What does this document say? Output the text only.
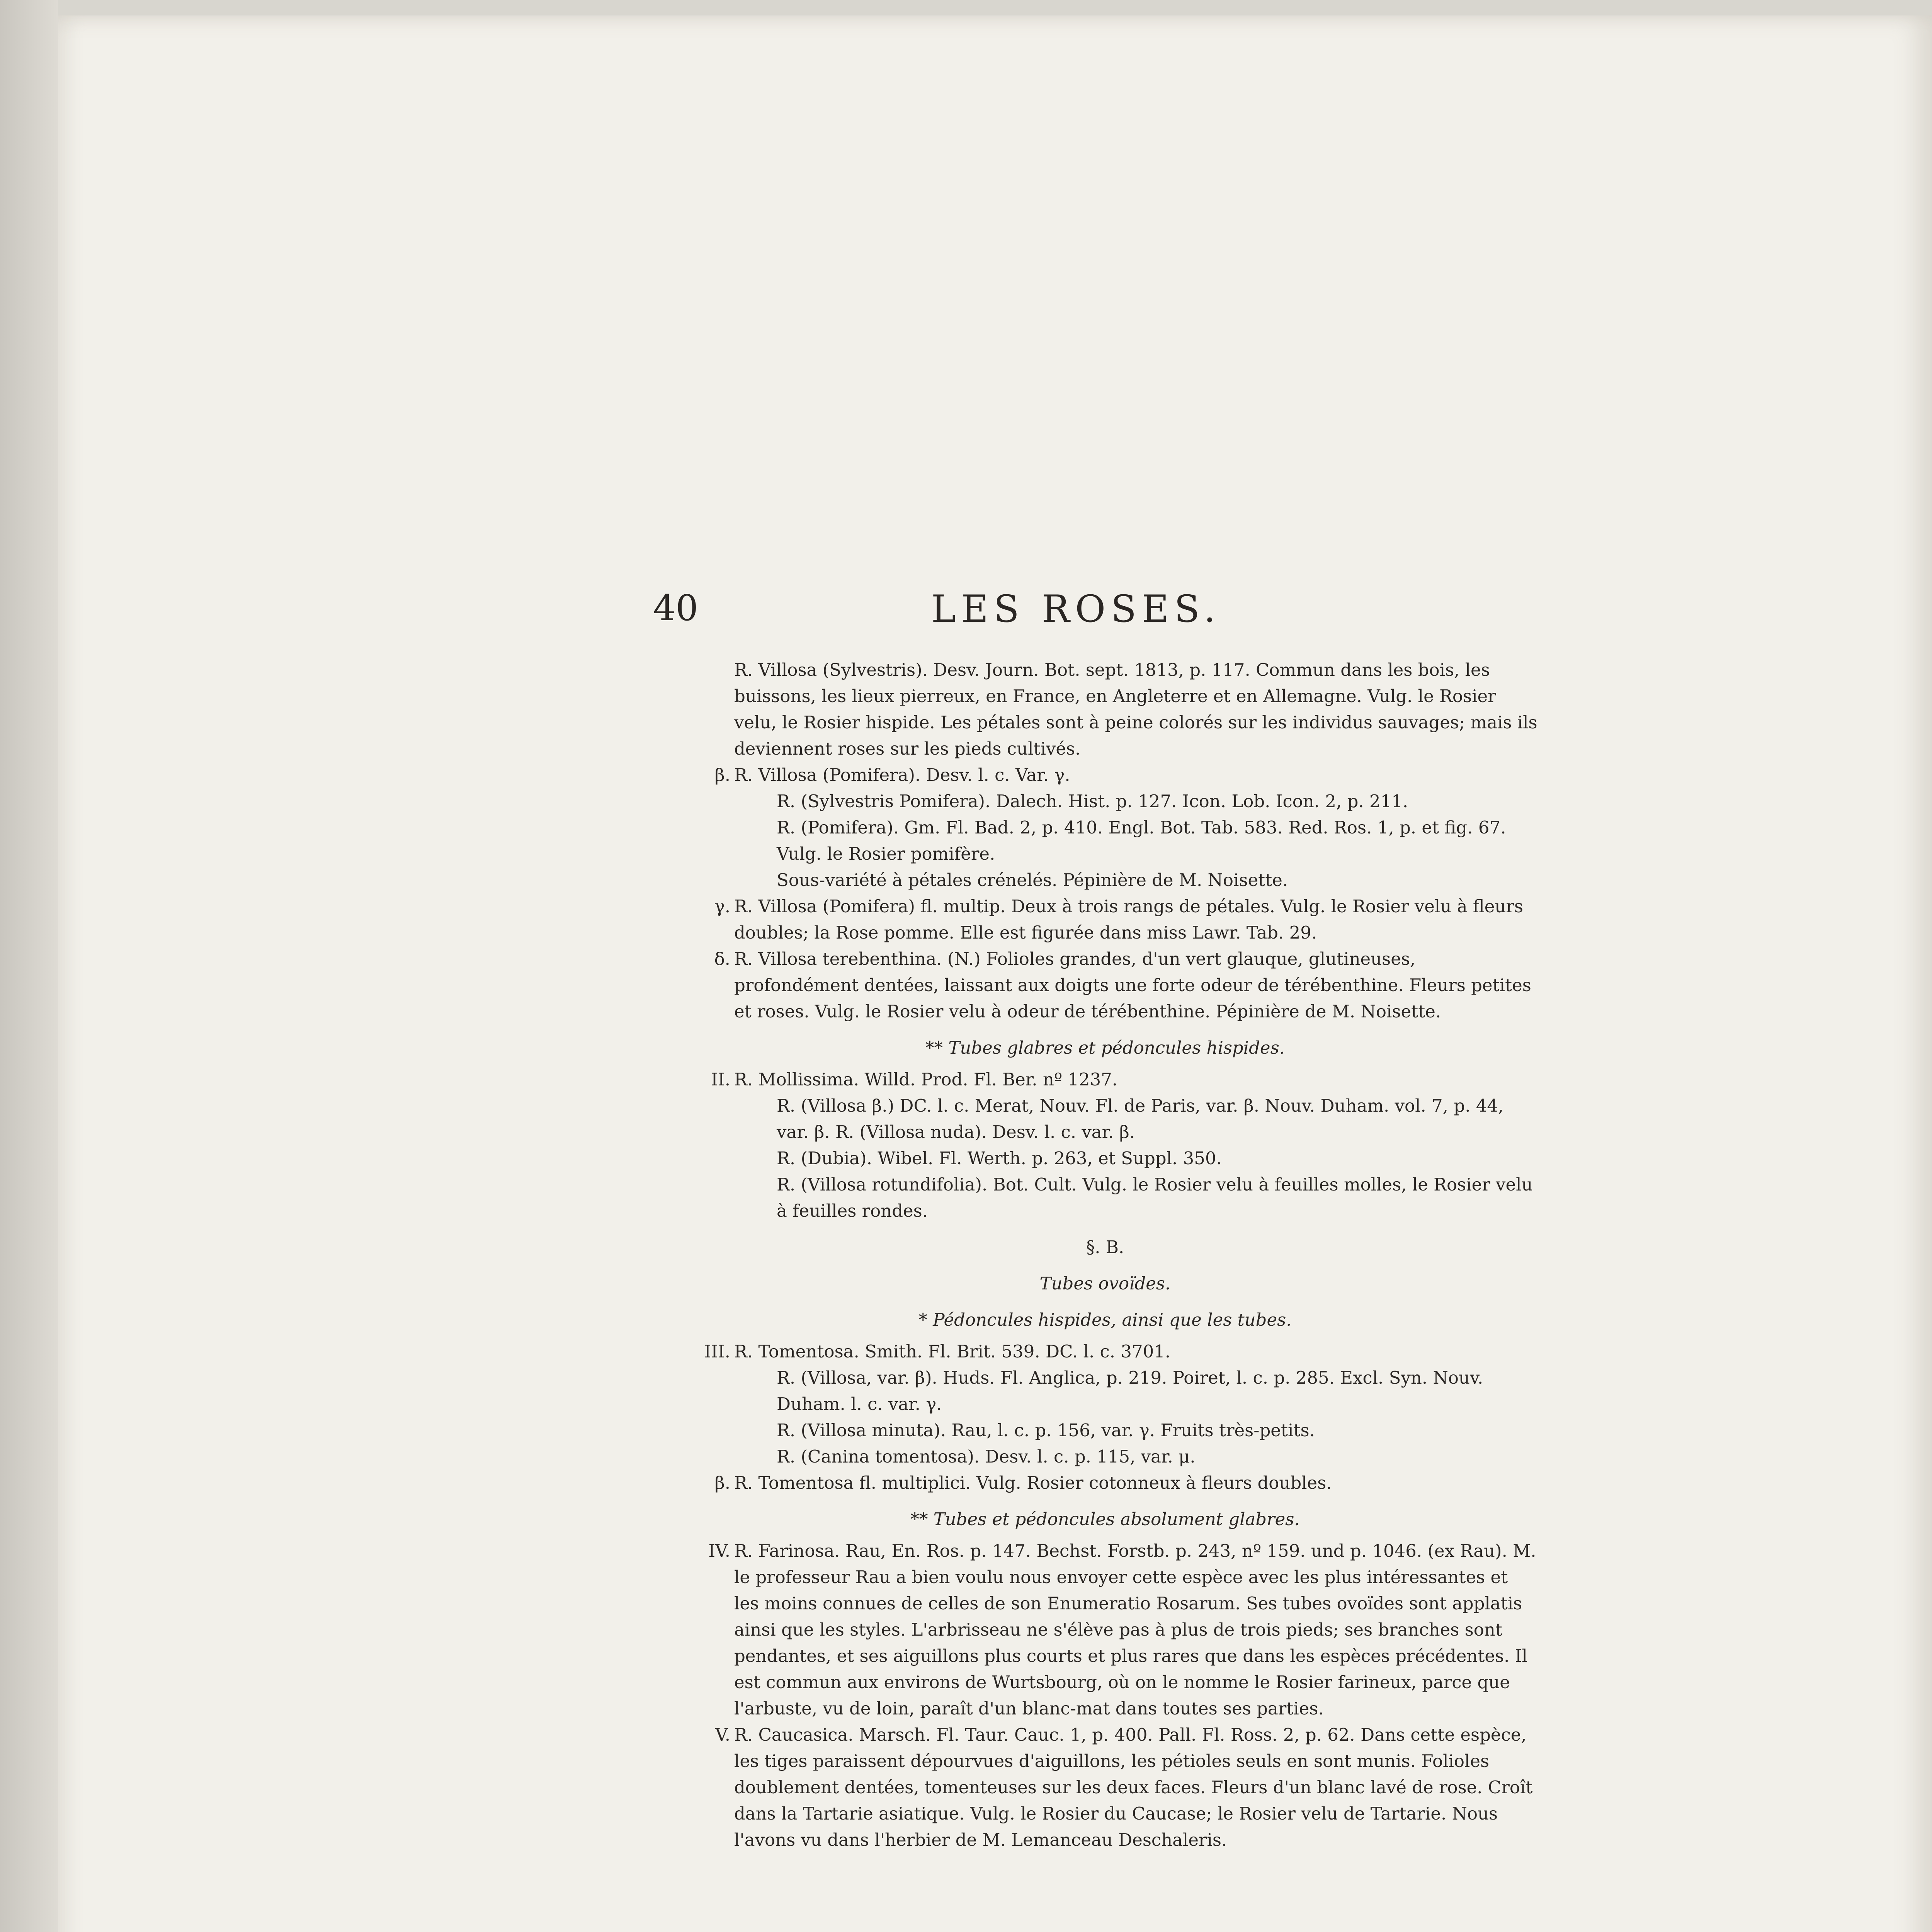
40	LES ROSES.

R. Villosa (Sylvestris). Desv. Journ. Bot. sept. 1813, p. 117. Commun dans les bois, les buissons, les lieux pierreux, en France, en Angleterre et en Allemagne. Vulg. le Rosier velu, le Rosier hispide. Les pétales sont à peine colorés sur les individus sauvages; mais ils deviennent roses sur les pieds cultivés.

β. R. Villosa (Pomifera). Desv. l. c. Var. γ.

R. (Sylvestris Pomifera). Dalech. Hist. p. 127. Icon. Lob. Icon. 2, p. 211.

R. (Pomifera). Gm. Fl. Bad. 2, p. 410. Engl. Bot. Tab. 583. Red. Ros. 1, p. et fig. 67. Vulg. le Rosier pomifère.

Sous-variété à pétales crénelés. Pépinière de M. Noisette.

γ. R. Villosa (Pomifera) fl. multip. Deux à trois rangs de pétales. Vulg. le Rosier velu à fleurs doubles; la Rose pomme. Elle est figurée dans miss Lawr. Tab. 29.

δ. R. Villosa terebenthina. (N.) Folioles grandes, d'un vert glauque, glutineuses, profondément dentées, laissant aux doigts une forte odeur de térébenthine. Fleurs petites et roses. Vulg. le Rosier velu à odeur de térébenthine. Pépinière de M. Noisette.

** Tubes glabres et pédoncules hispides.

II. R. Mollissima. Willd. Prod. Fl. Ber. nº 1237.

R. (Villosa β.) DC. l. c. Merat, Nouv. Fl. de Paris, var. β. Nouv. Duham. vol. 7, p. 44, var. β. R. (Villosa nuda). Desv. l. c. var. β.

R. (Dubia). Wibel. Fl. Werth. p. 263, et Suppl. 350.

R. (Villosa rotundifolia). Bot. Cult. Vulg. le Rosier velu à feuilles molles, le Rosier velu à feuilles rondes.

§. B.

Tubes ovoïdes.

* Pédoncules hispides, ainsi que les tubes.

III. R. Tomentosa. Smith. Fl. Brit. 539. DC. l. c. 3701.

R. (Villosa, var. β). Huds. Fl. Anglica, p. 219. Poiret, l. c. p. 285. Excl. Syn. Nouv. Duham. l. c. var. γ.

R. (Villosa minuta). Rau, l. c. p. 156, var. γ. Fruits très-petits.

R. (Canina tomentosa). Desv. l. c. p. 115, var. μ.

β. R. Tomentosa fl. multiplici. Vulg. Rosier cotonneux à fleurs doubles.

** Tubes et pédoncules absolument glabres.

IV. R. Farinosa. Rau, En. Ros. p. 147. Bechst. Forstb. p. 243, nº 159. und p. 1046. (ex Rau). M. le professeur Rau a bien voulu nous envoyer cette espèce avec les plus intéressantes et les moins connues de celles de son Enumeratio Rosarum. Ses tubes ovoïdes sont applatis ainsi que les styles. L'arbrisseau ne s'élève pas à plus de trois pieds; ses branches sont pendantes, et ses aiguillons plus courts et plus rares que dans les espèces précédentes. Il est commun aux environs de Wurtsbourg, où on le nomme le Rosier farineux, parce que l'arbuste, vu de loin, paraît d'un blanc-mat dans toutes ses parties.

V. R. Caucasica. Marsch. Fl. Taur. Cauc. 1, p. 400. Pall. Fl. Ross. 2, p. 62. Dans cette espèce, les tiges paraissent dépourvues d'aiguillons, les pétioles seuls en sont munis. Folioles doublement dentées, tomenteuses sur les deux faces. Fleurs d'un blanc lavé de rose. Croît dans la Tartarie asiatique. Vulg. le Rosier du Caucase; le Rosier velu de Tartarie. Nous l'avons vu dans l'herbier de M. Lemanceau Deschaleris.
